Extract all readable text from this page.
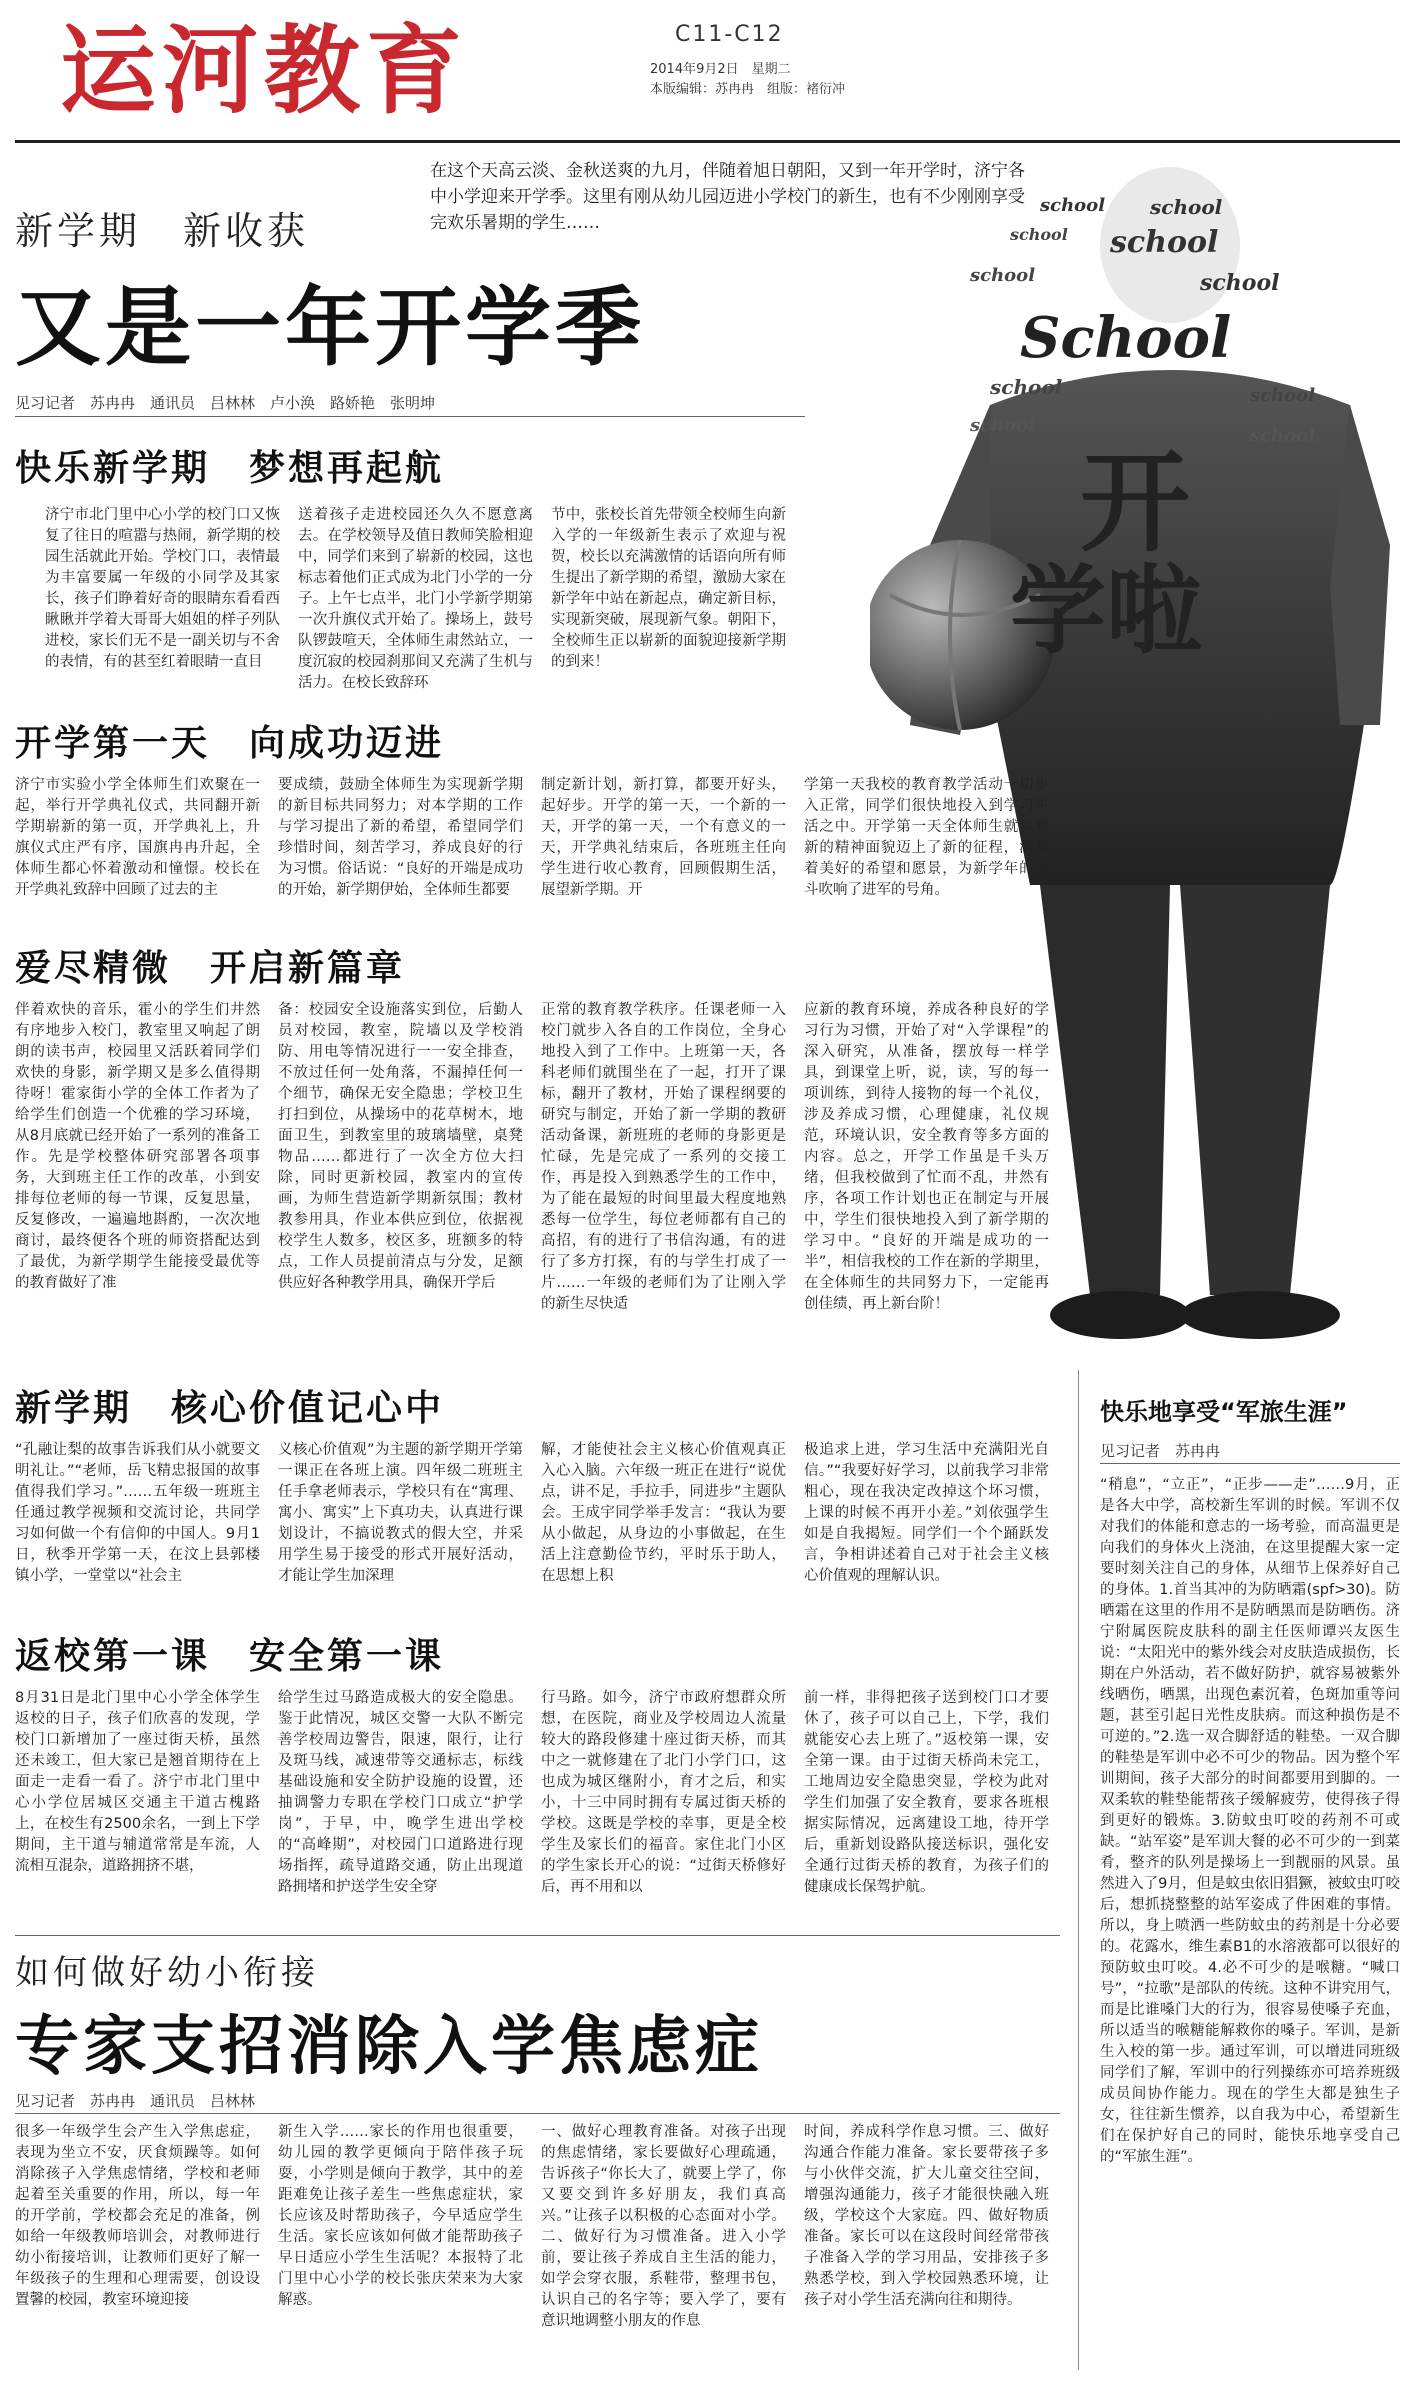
运河教育	C11-C12
2014年9月2日　 星期二
本版编辑：苏冉冉　 组版：褚衍冲
在这个天高云淡、金秋送爽的九月，伴随着旭日朝阳，又到一年开学时，济宁各中小学迎来开学季。这里有刚从幼儿园迈进小学校门的新生，也有不少刚刚享受完欢乐暑期的学生……
新学期　新收获
又是一年开学季
见习记者　苏冉冉　通讯员　吕林林　卢小涣　路娇艳　张明坤
school school
school school
school	school
School
school	school
school	school
开
学啦
快乐新学期　梦想再起航
济宁市北门里中心小学的校门口又恢复了往日的喧嚣与热闹，新学期的校园生活就此开始。学校门口，表情最为丰富要属一年级的小同学及其家长，孩子们睁着好奇的眼睛东看看西瞅瞅并学着大哥哥大姐姐的样子列队进校，家长们无不是一副关切与不舍的表情，有的甚至红着眼睛一直目
送着孩子走进校园还久久不愿意离去。在学校领导及值日教师笑脸相迎中，同学们来到了崭新的校园，这也标志着他们正式成为北门小学的一分子。上午七点半，北门小学新学期第一次升旗仪式开始了。操场上，鼓号队锣鼓喧天，全体师生肃然站立，一度沉寂的校园刹那间又充满了生机与活力。在校长致辞环
节中，张校长首先带领全校师生向新入学的一年级新生表示了欢迎与祝贺，校长以充满激情的话语向所有师生提出了新学期的希望，激励大家在新学年中站在新起点，确定新目标，实现新突破，展现新气象。朝阳下，全校师生正以崭新的面貌迎接新学期的到来！
开学第一天　向成功迈进
济宁市实验小学全体师生们欢聚在一起，举行开学典礼仪式，共同翻开新学期崭新的第一页，开学典礼上，升旗仪式庄严有序，国旗冉冉升起，全体师生都心怀着激动和憧憬。校长在开学典礼致辞中回顾了过去的主
要成绩，鼓励全体师生为实现新学期的新目标共同努力；对本学期的工作与学习提出了新的希望，希望同学们珍惜时间，刻苦学习，养成良好的行为习惯。俗话说：“良好的开端是成功的开始，新学期伊始，全体师生都要
制定新计划，新打算，都要开好头，起好步。开学的第一天，一个新的一天，开学的第一天，一个有意义的一天，开学典礼结束后，各班班主任向学生进行收心教育，回顾假期生活，展望新学期。开
学第一天我校的教育教学活动一切步入正常，同学们很快地投入到学习生活之中。开学第一天全体师生就以崭新的精神面貌迈上了新的征程，满载着美好的希望和愿景，为新学年的战斗吹响了进军的号角。
爱尽精微　开启新篇章
伴着欢快的音乐，霍小的学生们井然有序地步入校门，教室里又响起了朗朗的读书声，校园里又活跃着同学们欢快的身影，新学期又是多么值得期待呀！霍家街小学的全体工作者为了给学生们创造一个优雅的学习环境，从8月底就已经开始了一系列的准备工作。先是学校整体研究部署各项事务，大到班主任工作的改革，小到安排每位老师的每一节课，反复思量，反复修改，一遍遍地斟酌，一次次地商讨，最终便各个班的师资搭配达到了最优，为新学期学生能接受最优等的教育做好了准
备：校园安全设施落实到位，后勤人员对校园，教室，院墙以及学校消防、用电等情况进行一一安全排查，不放过任何一处角落，不漏掉任何一个细节，确保无安全隐患；学校卫生打扫到位，从操场中的花草树木，地面卫生，到教室里的玻璃墙壁，桌凳物品……都进行了一次全方位大扫除，同时更新校园，教室内的宣传画，为师生营造新学期新氛围；教材教参用具，作业本供应到位，依据视校学生人数多，校区多，班额多的特点，工作人员提前清点与分发，足额供应好各种教学用具，确保开学后
正常的教育教学秩序。任课老师一入校门就步入各自的工作岗位，全身心地投入到了工作中。上班第一天，各科老师们就围坐在了一起，打开了课标，翻开了教材，开始了课程纲要的研究与制定，开始了新一学期的教研活动备课，新班班的老师的身影更是忙碌，先是完成了一系列的交接工作，再是投入到熟悉学生的工作中，为了能在最短的时间里最大程度地熟悉每一位学生，每位老师都有自己的高招，有的进行了书信沟通，有的进行了多方打探，有的与学生打成了一片……一年级的老师们为了让刚入学的新生尽快适
应新的教育环境，养成各种良好的学习行为习惯，开始了对“入学课程”的深入研究，从准备，摆放每一样学具，到课堂上听，说，读，写的每一项训练，到待人接物的每一个礼仪，涉及养成习惯，心理健康，礼仪规范，环境认识，安全教育等多方面的内容。总之，开学工作虽是千头万绪，但我校做到了忙而不乱，井然有序，各项工作计划也正在制定与开展中，学生们很快地投入到了新学期的学习中。“良好的开端是成功的一半”，相信我校的工作在新的学期里，在全体师生的共同努力下，一定能再创佳绩，再上新台阶！
新学期　核心价值记心中
“孔融让梨的故事告诉我们从小就要文明礼让。”“老师，岳飞精忠报国的故事值得我们学习。”……五年级一班班主任通过教学视频和交流讨论，共同学习如何做一个有信仰的中国人。9月1日，秋季开学第一天，在汶上县郭楼镇小学，一堂堂以“社会主
义核心价值观”为主题的新学期开学第一课正在各班上演。四年级二班班主任手拿老师表示，学校只有在“寓理、寓小、寓实”上下真功夫，认真进行课划设计，不搞说教式的假大空，并采用学生易于接受的形式开展好活动，才能让学生加深理
解，才能使社会主义核心价值观真正入心入脑。六年级一班正在进行“说优点，讲不足，手拉手，同进步”主题队会。王成宇同学举手发言：“我认为要从小做起，从身边的小事做起，在生活上注意勤俭节约，平时乐于助人，在思想上积
极追求上进，学习生活中充满阳光自信。”“我要好好学习，以前我学习非常粗心，现在我决定改掉这个坏习惯，上课的时候不再开小差。”刘依强学生如是自我揭短。同学们一个个踊跃发言，争相讲述着自己对于社会主义核心价值观的理解认识。
返校第一课　安全第一课
8月31日是北门里中心小学全体学生返校的日子，孩子们欣喜的发现，学校门口新增加了一座过街天桥，虽然还未竣工，但大家已是翘首期待在上面走一走看一看了。济宁市北门里中心小学位居城区交通主干道古槐路上，在校生有2500余名，一到上下学期间，主干道与辅道常常是车流，人流相互混杂，道路拥挤不堪，
给学生过马路造成极大的安全隐患。鉴于此情况，城区交警一大队不断完善学校周边警告，限速，限行，让行及斑马线，减速带等交通标志，标线基础设施和安全防护设施的设置，还抽调警力专职在学校门口成立“护学岗”，于早，中，晚学生进出学校的“高峰期”，对校园门口道路进行现场指挥，疏导道路交通，防止出现道路拥堵和护送学生安全穿
行马路。如今，济宁市政府想群众所想，在医院，商业及学校周边人流量较大的路段修建十座过街天桥，而其中之一就修建在了北门小学门口，这也成为城区继附小，育才之后，和实小，十三中同时拥有专属过街天桥的学校。这既是学校的幸事，更是全校学生及家长们的福音。家住北门小区的学生家长开心的说：“过街天桥修好后，再不用和以
前一样，非得把孩子送到校门口才要休了，孩子可以自己上，下学，我们就能安心去上班了。”返校第一课，安全第一课。由于过街天桥尚未完工，工地周边安全隐患突显，学校为此对学生们加强了安全教育，要求各班根据实际情况，远离建设工地，待开学后，重新划设路队接送标识，强化安全通行过街天桥的教育，为孩子们的健康成长保驾护航。
如何做好幼小衔接
专家支招消除入学焦虑症
见习记者　苏冉冉　通讯员　吕林林
很多一年级学生会产生入学焦虑症，表现为坐立不安，厌食烦躁等。如何消除孩子入学焦虑情绪，学校和老师起着至关重要的作用，所以，每一年的开学前，学校都会充足的准备，例如给一年级教师培训会，对教师进行幼小衔接培训，让教师们更好了解一年级孩子的生理和心理需要，创设设置馨的校园，教室环境迎接
新生入学……家长的作用也很重要，幼儿园的教学更倾向于陪伴孩子玩耍，小学则是倾向于教学，其中的差距难免让孩子差生一些焦虑症状，家长应该及时帮助孩子，今早适应学生生活。家长应该如何做才能帮助孩子早日适应小学生生活呢？本报特了北门里中心小学的校长张庆荣来为大家解惑。
一、做好心理教育准备。对孩子出现的焦虑情绪，家长要做好心理疏通，告诉孩子“你长大了，就要上学了，你又要交到许多好朋友，我们真高兴。”让孩子以积极的心态面对小学。二、做好行为习惯准备。进入小学前，要让孩子养成自主生活的能力，如学会穿衣服，系鞋带，整理书包，认识自己的名字等；要入学了，要有意识地调整小朋友的作息
时间，养成科学作息习惯。三、做好沟通合作能力准备。家长要带孩子多与小伙伴交流，扩大儿童交往空间，增强沟通能力，孩子才能很快融入班级，学校这个大家庭。四、做好物质准备。家长可以在这段时间经常带孩子准备入学的学习用品，安排孩子多熟悉学校，到入学校园熟悉环境，让孩子对小学生活充满向往和期待。
快乐地享受“军旅生涯”
见习记者　苏冉冉
“稍息”，“立正”，“正步——走”……9月，正是各大中学，高校新生军训的时候。军训不仅对我们的体能和意志的一场考验，而高温更是向我们的身体火上浇油，在这里提醒大家一定要时刻关注自己的身体，从细节上保养好自己的身体。1.首当其冲的为防晒霜(spf>30)。防晒霜在这里的作用不是防晒黑而是防晒伤。济宁附属医院皮肤科的副主任医师谭兴友医生说：“太阳光中的紫外线会对皮肤造成损伤，长期在户外活动，若不做好防护，就容易被紫外线晒伤，晒黑，出现色素沉着，色斑加重等问题，甚至引起日光性皮肤病。而这种损伤是不可逆的。”2.选一双合脚舒适的鞋垫。一双合脚的鞋垫是军训中必不可少的物品。因为整个军训期间，孩子大部分的时间都要用到脚的。一双柔软的鞋垫能帮孩子缓解疲劳，使得孩子得到更好的锻炼。3.防蚊虫叮咬的药剂不可或缺。“站军姿”是军训大餐的必不可少的一到菜肴，整齐的队列是操场上一到靓丽的风景。虽然进入了9月，但是蚊虫依旧猖獗，被蚊虫叮咬后，想抓挠整整的站军姿成了件困难的事情。所以，身上喷洒一些防蚊虫的药剂是十分必要的。花露水，维生素B1的水溶液都可以很好的预防蚊虫叮咬。4.必不可少的是喉糖。“喊口号”，“拉歌”是部队的传统。这种不讲究用气，而是比谁嗓门大的行为，很容易使嗓子充血，所以适当的喉糖能解救你的嗓子。军训，是新生入校的第一步。通过军训，可以增进同班级同学们了解，军训中的行列操练亦可培养班级成员间协作能力。现在的学生大都是独生子女，往往新生惯养，以自我为中心，希望新生们在保护好自己的同时，能快乐地享受自己的“军旅生涯”。
